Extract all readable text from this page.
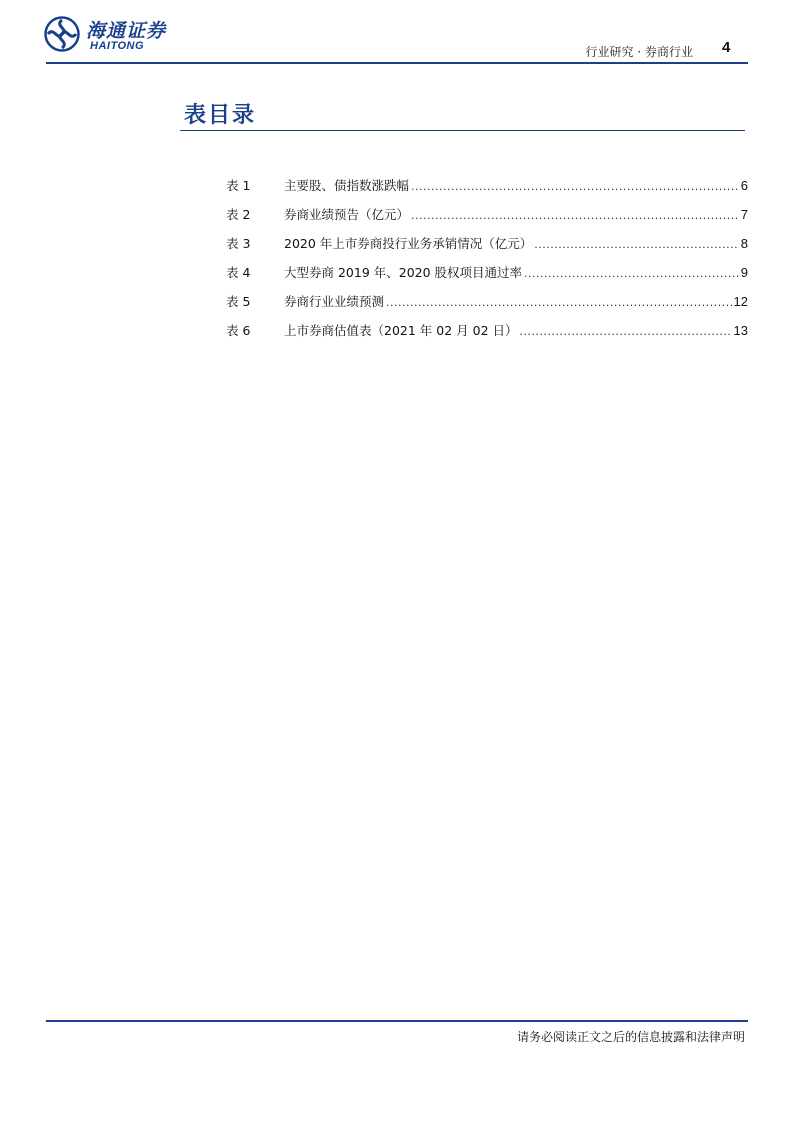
海通证券
HAITONG	行业研究 · 券商行业 4
表目录
表 1	主要股、债指数涨跌幅 .....	6
表 2	券商业绩预告（亿元） .....	7
表 3	2020 年上市券商投行业务承销情况（亿元） .....	8
表 4	大型券商 2019 年、2020 股权项目通过率 .....	9
表 5	券商行业业绩预测 .....	12
表 6	上市券商估值表（2021 年 02 月 02 日） .....	13
请务必阅读正文之后的信息披露和法律声明
